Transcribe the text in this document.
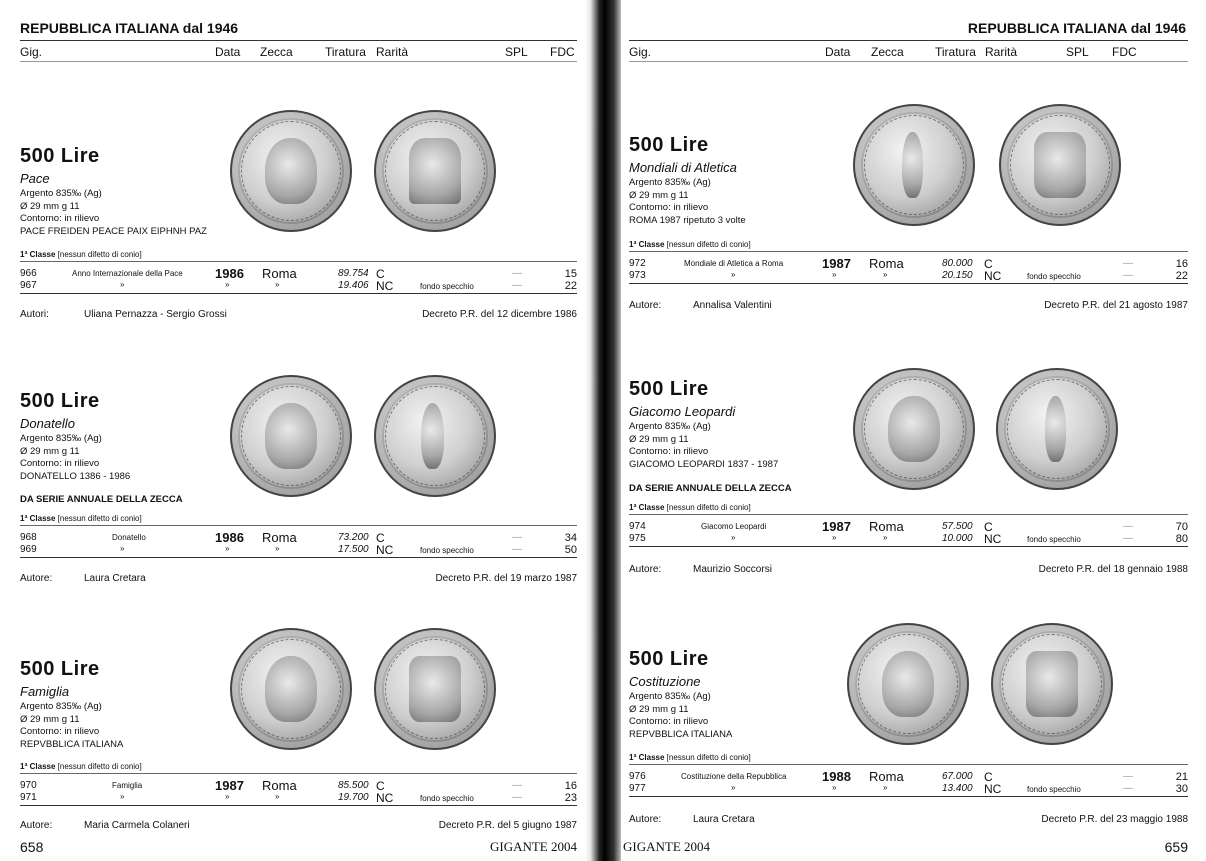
REPUBBLICA ITALIANA dal 1946
Gig.	Data Zecca	Tiratura Rarità	SPL FDC
500 Lire
Pace
Argento 835‰ (Ag)
Ø 29 mm g 11
Contorno: in rilievo
PACE FREIDEN PEACE PAIX EIPHNH PAZ
1ª Classe [nessun difetto di conio]
966	Anno Internazionale della Pace 1986 Roma	89.754 C	—	15
967	»	»	»	19.406 NC	fondo specchio	—	22
Autori:	Uliana Pernazza - Sergio Grossi	Decreto P.R. del 12 dicembre 1986
500 Lire
Donatello
Argento 835‰ (Ag)
Ø 29 mm g 11
Contorno: in rilievo
DONATELLO 1386 - 1986
DA SERIE ANNUALE DELLA ZECCA
1ª Classe [nessun difetto di conio]
968	Donatello	1986 Roma	73.200 C	—	34
969	»	»	»	17.500 NC	fondo specchio	—	50
Autore:	Laura Cretara	Decreto P.R. del 19 marzo 1987
500 Lire
Famiglia
Argento 835‰ (Ag)
Ø 29 mm g 11
Contorno: in rilievo
REPVBBLICA ITALIANA
1ª Classe [nessun difetto di conio]
970	Famiglia	1987 Roma	85.500 C	—	16
971	»	»	»	19.700 NC	fondo specchio	—	23
Autore:	Maria Carmela Colaneri	Decreto P.R. del 5 giugno 1987
658	GIGANTE 2004
REPUBBLICA ITALIANA dal 1946
Gig.	Data Zecca	Tiratura Rarità	SPL FDC
500 Lire
Mondiali di Atletica
Argento 835‰ (Ag)
Ø 29 mm g 11
Contorno: in rilievo
ROMA 1987 ripetuto 3 volte
1ª Classe [nessun difetto di conio]
972	Mondiale di Atletica a Roma	1987 Roma	80.000 C	—	16
973	»	»	»	20.150 NC	fondo specchio	—	22
Autore:	Annalisa Valentini	Decreto P.R. del 21 agosto 1987
500 Lire
Giacomo Leopardi
Argento 835‰ (Ag)
Ø 29 mm g 11
Contorno: in rilievo
GIACOMO LEOPARDI 1837 - 1987
DA SERIE ANNUALE DELLA ZECCA
1ª Classe [nessun difetto di conio]
974	Giacomo Leopardi	1987 Roma	57.500 C	—	70
975	»	»	»	10.000 NC	fondo specchio	—	80
Autore:	Maurizio Soccorsi	Decreto P.R. del 18 gennaio 1988
500 Lire
Costituzione
Argento 835‰ (Ag)
Ø 29 mm g 11
Contorno: in rilievo
REPVBBLICA ITALIANA
1ª Classe [nessun difetto di conio]
976	Costituzione della Repubblica	1988 Roma	67.000 C	—	21
977	»	»	»	13.400 NC	fondo specchio	—	30
Autore:	Laura Cretara	Decreto P.R. del 23 maggio 1988
659
GIGANTE 2004
